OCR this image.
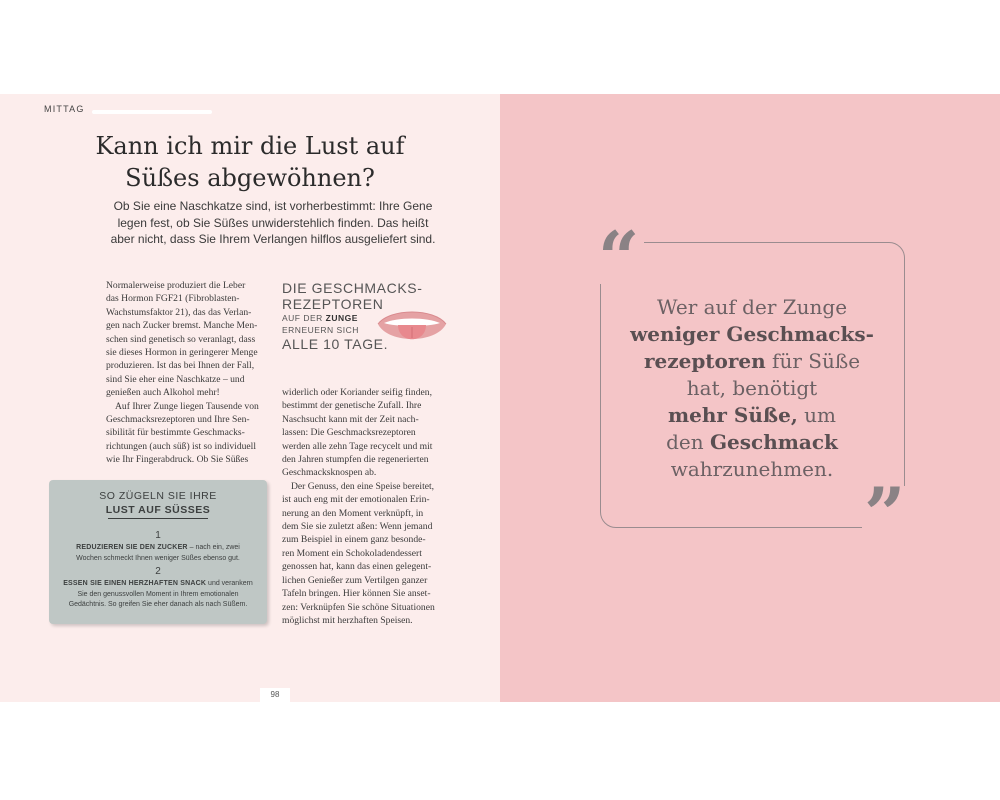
MITTAG
Kann ich mir die Lust auf
Süßes abgewöhnen?
Ob Sie eine Naschkatze sind, ist vorherbestimmt: Ihre Gene
legen fest, ob Sie Süßes unwiderstehlich finden. Das heißt
aber nicht, dass Sie Ihrem Verlangen hilflos ausgeliefert sind.
Normalerweise produziert die Leber
das Hormon FGF21 (Fibroblasten-
Wachstumsfaktor 21), das das Verlan-
gen nach Zucker bremst. Manche Men-
schen sind genetisch so veranlagt, dass
sie dieses Hormon in geringerer Menge
produzieren. Ist das bei Ihnen der Fall,
sind Sie eher eine Naschkatze – und
genießen auch Alkohol mehr!
Auf Ihrer Zunge liegen Tausende von
Geschmacksrezeptoren und Ihre Sen-
sibilität für bestimmte Geschmacks-
richtungen (auch süß) ist so individuell
wie Ihr Fingerabdruck. Ob Sie Süßes
DIE GESCHMACKS-
REZEPTOREN
AUF DER ZUNGE
ERNEUERN SICH
ALLE 10 TAGE.
widerlich oder Koriander seifig finden,
bestimmt der genetische Zufall. Ihre
Naschsucht kann mit der Zeit nach-
lassen: Die Geschmacksrezeptoren
werden alle zehn Tage recycelt und mit
den Jahren stumpfen die regenerierten
Geschmacksknospen ab.
Der Genuss, den eine Speise bereitet,
ist auch eng mit der emotionalen Erin-
nerung an den Moment verknüpft, in
dem Sie sie zuletzt aßen: Wenn jemand
zum Beispiel in einem ganz besonde-
ren Moment ein Schokoladendessert
genossen hat, kann das einen gelegent-
lichen Genießer zum Vertilgen ganzer
Tafeln bringen. Hier können Sie anset-
zen: Verknüpfen Sie schöne Situationen
möglichst mit herzhaften Speisen.
SO ZÜGELN SIE IHRE
LUST AUF SÜSSES
1
REDUZIEREN SIE DEN ZUCKER – nach ein, zwei
Wochen schmeckt Ihnen weniger Süßes ebenso gut.
2
ESSEN SIE EINEN HERZHAFTEN SNACK und verankern
Sie den genussvollen Moment in Ihrem emotionalen
Gedächtnis. So greifen Sie eher danach als nach Süßem.
98
“
”
Wer auf der Zunge
weniger Geschmacks-
rezeptoren für Süße
hat, benötigt
mehr Süße, um
den Geschmack
wahrzunehmen.
